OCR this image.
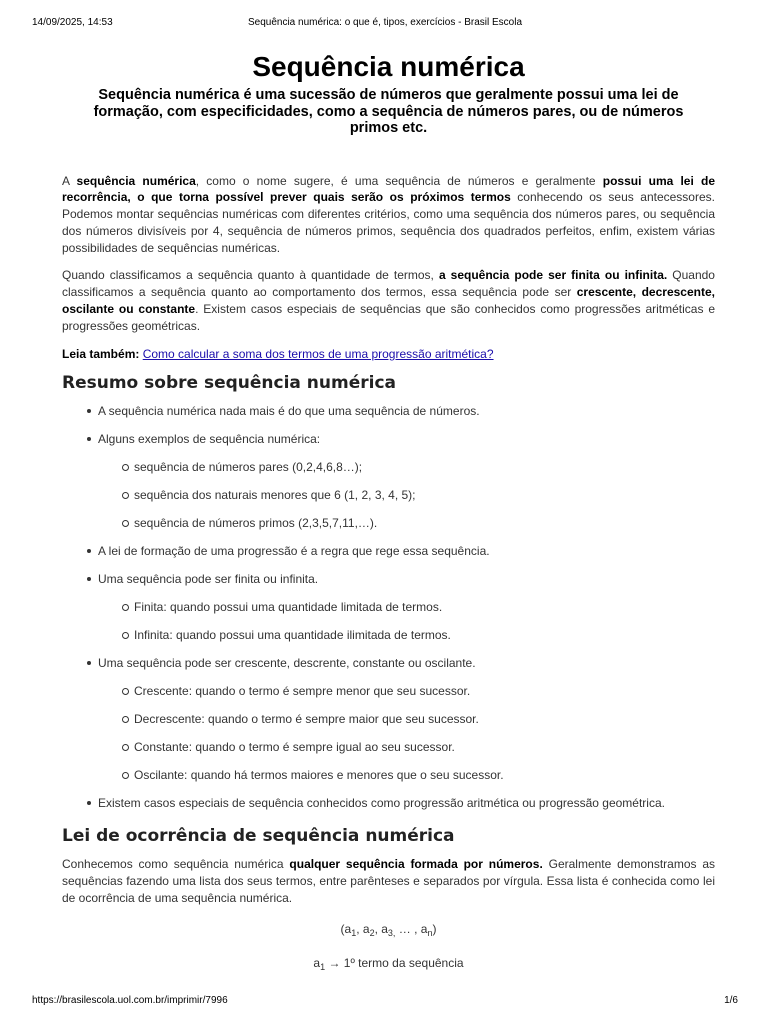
14/09/2025, 14:53	Sequência numérica: o que é, tipos, exercícios - Brasil Escola
Sequência numérica

Sequência numérica é uma sucessão de números que geralmente possui uma lei de formação, com especificidades, como a sequência de números pares, ou de números primos etc.

A sequência numérica, como o nome sugere, é uma sequência de números e geralmente possui uma lei de recorrência, o que torna possível prever quais serão os próximos termos conhecendo os seus antecessores. Podemos montar sequências numéricas com diferentes critérios, como uma sequência dos números pares, ou sequência dos números divisíveis por 4, sequência de números primos, sequência dos quadrados perfeitos, enfim, existem várias possibilidades de sequências numéricas.

Quando classificamos a sequência quanto à quantidade de termos, a sequência pode ser finita ou infinita. Quando classificamos a sequência quanto ao comportamento dos termos, essa sequência pode ser crescente, decrescente, oscilante ou constante. Existem casos especiais de sequências que são conhecidos como progressões aritméticas e progressões geométricas.

Leia também: Como calcular a soma dos termos de uma progressão aritmética?

Resumo sobre sequência numérica
A sequência numérica nada mais é do que uma sequência de números.
Alguns exemplos de sequência numérica:
sequência de números pares (0,2,4,6,8…);
sequência dos naturais menores que 6 (1, 2, 3, 4, 5);
sequência de números primos (2,3,5,7,11,…).
A lei de formação de uma progressão é a regra que rege essa sequência.
Uma sequência pode ser finita ou infinita.
Finita: quando possui uma quantidade limitada de termos.
Infinita: quando possui uma quantidade ilimitada de termos.
Uma sequência pode ser crescente, descrente, constante ou oscilante.
Crescente: quando o termo é sempre menor que seu sucessor.
Decrescente: quando o termo é sempre maior que seu sucessor.
Constante: quando o termo é sempre igual ao seu sucessor.
Oscilante: quando há termos maiores e menores que o seu sucessor.
Existem casos especiais de sequência conhecidos como progressão aritmética ou progressão geométrica.
Lei de ocorrência de sequência numérica

Conhecemos como sequência numérica qualquer sequência formada por números. Geralmente demonstramos as sequências fazendo uma lista dos seus termos, entre parênteses e separados por vírgula. Essa lista é conhecida como lei de ocorrência de uma sequência numérica.

($a_1$, $a_2$, $a_{3,}$ … , $a_n$)
$a_1$ → 1º termo da sequência
https://brasilescola.uol.com.br/imprimir/7996	1/6
